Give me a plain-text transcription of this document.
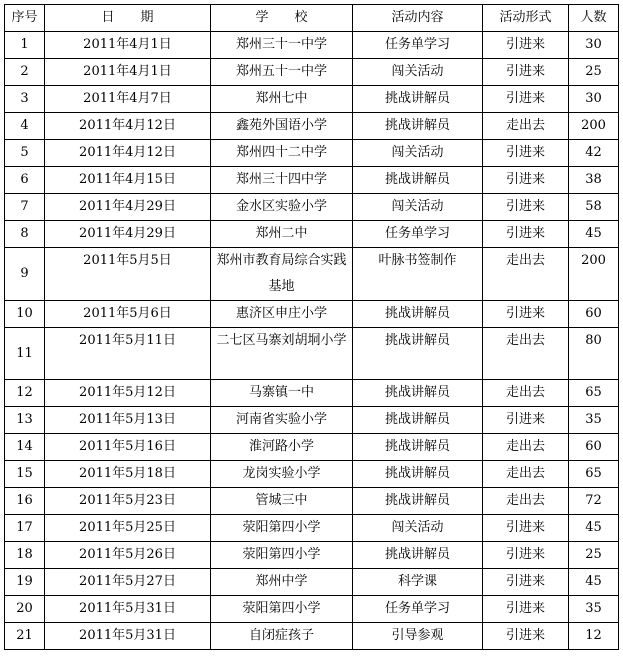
序号	日　　期	学　　校	活动内容	活动形式	人数
1	2011年4月1日	郑州三十一中学	任务单学习	引进来	30
2	2011年4月1日	郑州五十一中学	闯关活动	引进来	25
3	2011年4月7日	郑州七中	挑战讲解员	引进来	30
4	2011年4月12日	鑫苑外国语小学	挑战讲解员	走出去	200
5	2011年4月12日	郑州四十二中学	闯关活动	引进来	42
6	2011年4月15日	郑州三十四中学	挑战讲解员	引进来	38
7	2011年4月29日	金水区实验小学	闯关活动	引进来	58
8	2011年4月29日	郑州二中	任务单学习	引进来	45
9	2011年5月5日	郑州市教育局综合实践基地	叶脉书签制作	走出去	200
10	2011年5月6日	惠济区申庄小学	挑战讲解员	引进来	60
11	2011年5月11日	二七区马寨刘胡垌小学	挑战讲解员	走出去	80
12	2011年5月12日	马寨镇一中	挑战讲解员	走出去	65
13	2011年5月13日	河南省实验小学	挑战讲解员	引进来	35
14	2011年5月16日	淮河路小学	挑战讲解员	走出去	60
15	2011年5月18日	龙岗实验小学	挑战讲解员	走出去	65
16	2011年5月23日	管城三中	挑战讲解员	走出去	72
17	2011年5月25日	荥阳第四小学	闯关活动	引进来	45
18	2011年5月26日	荥阳第四小学	挑战讲解员	引进来	25
19	2011年5月27日	郑州中学	科学课	引进来	45
20	2011年5月31日	荥阳第四小学	任务单学习	引进来	35
21	2011年5月31日	自闭症孩子	引导参观	引进来	12
